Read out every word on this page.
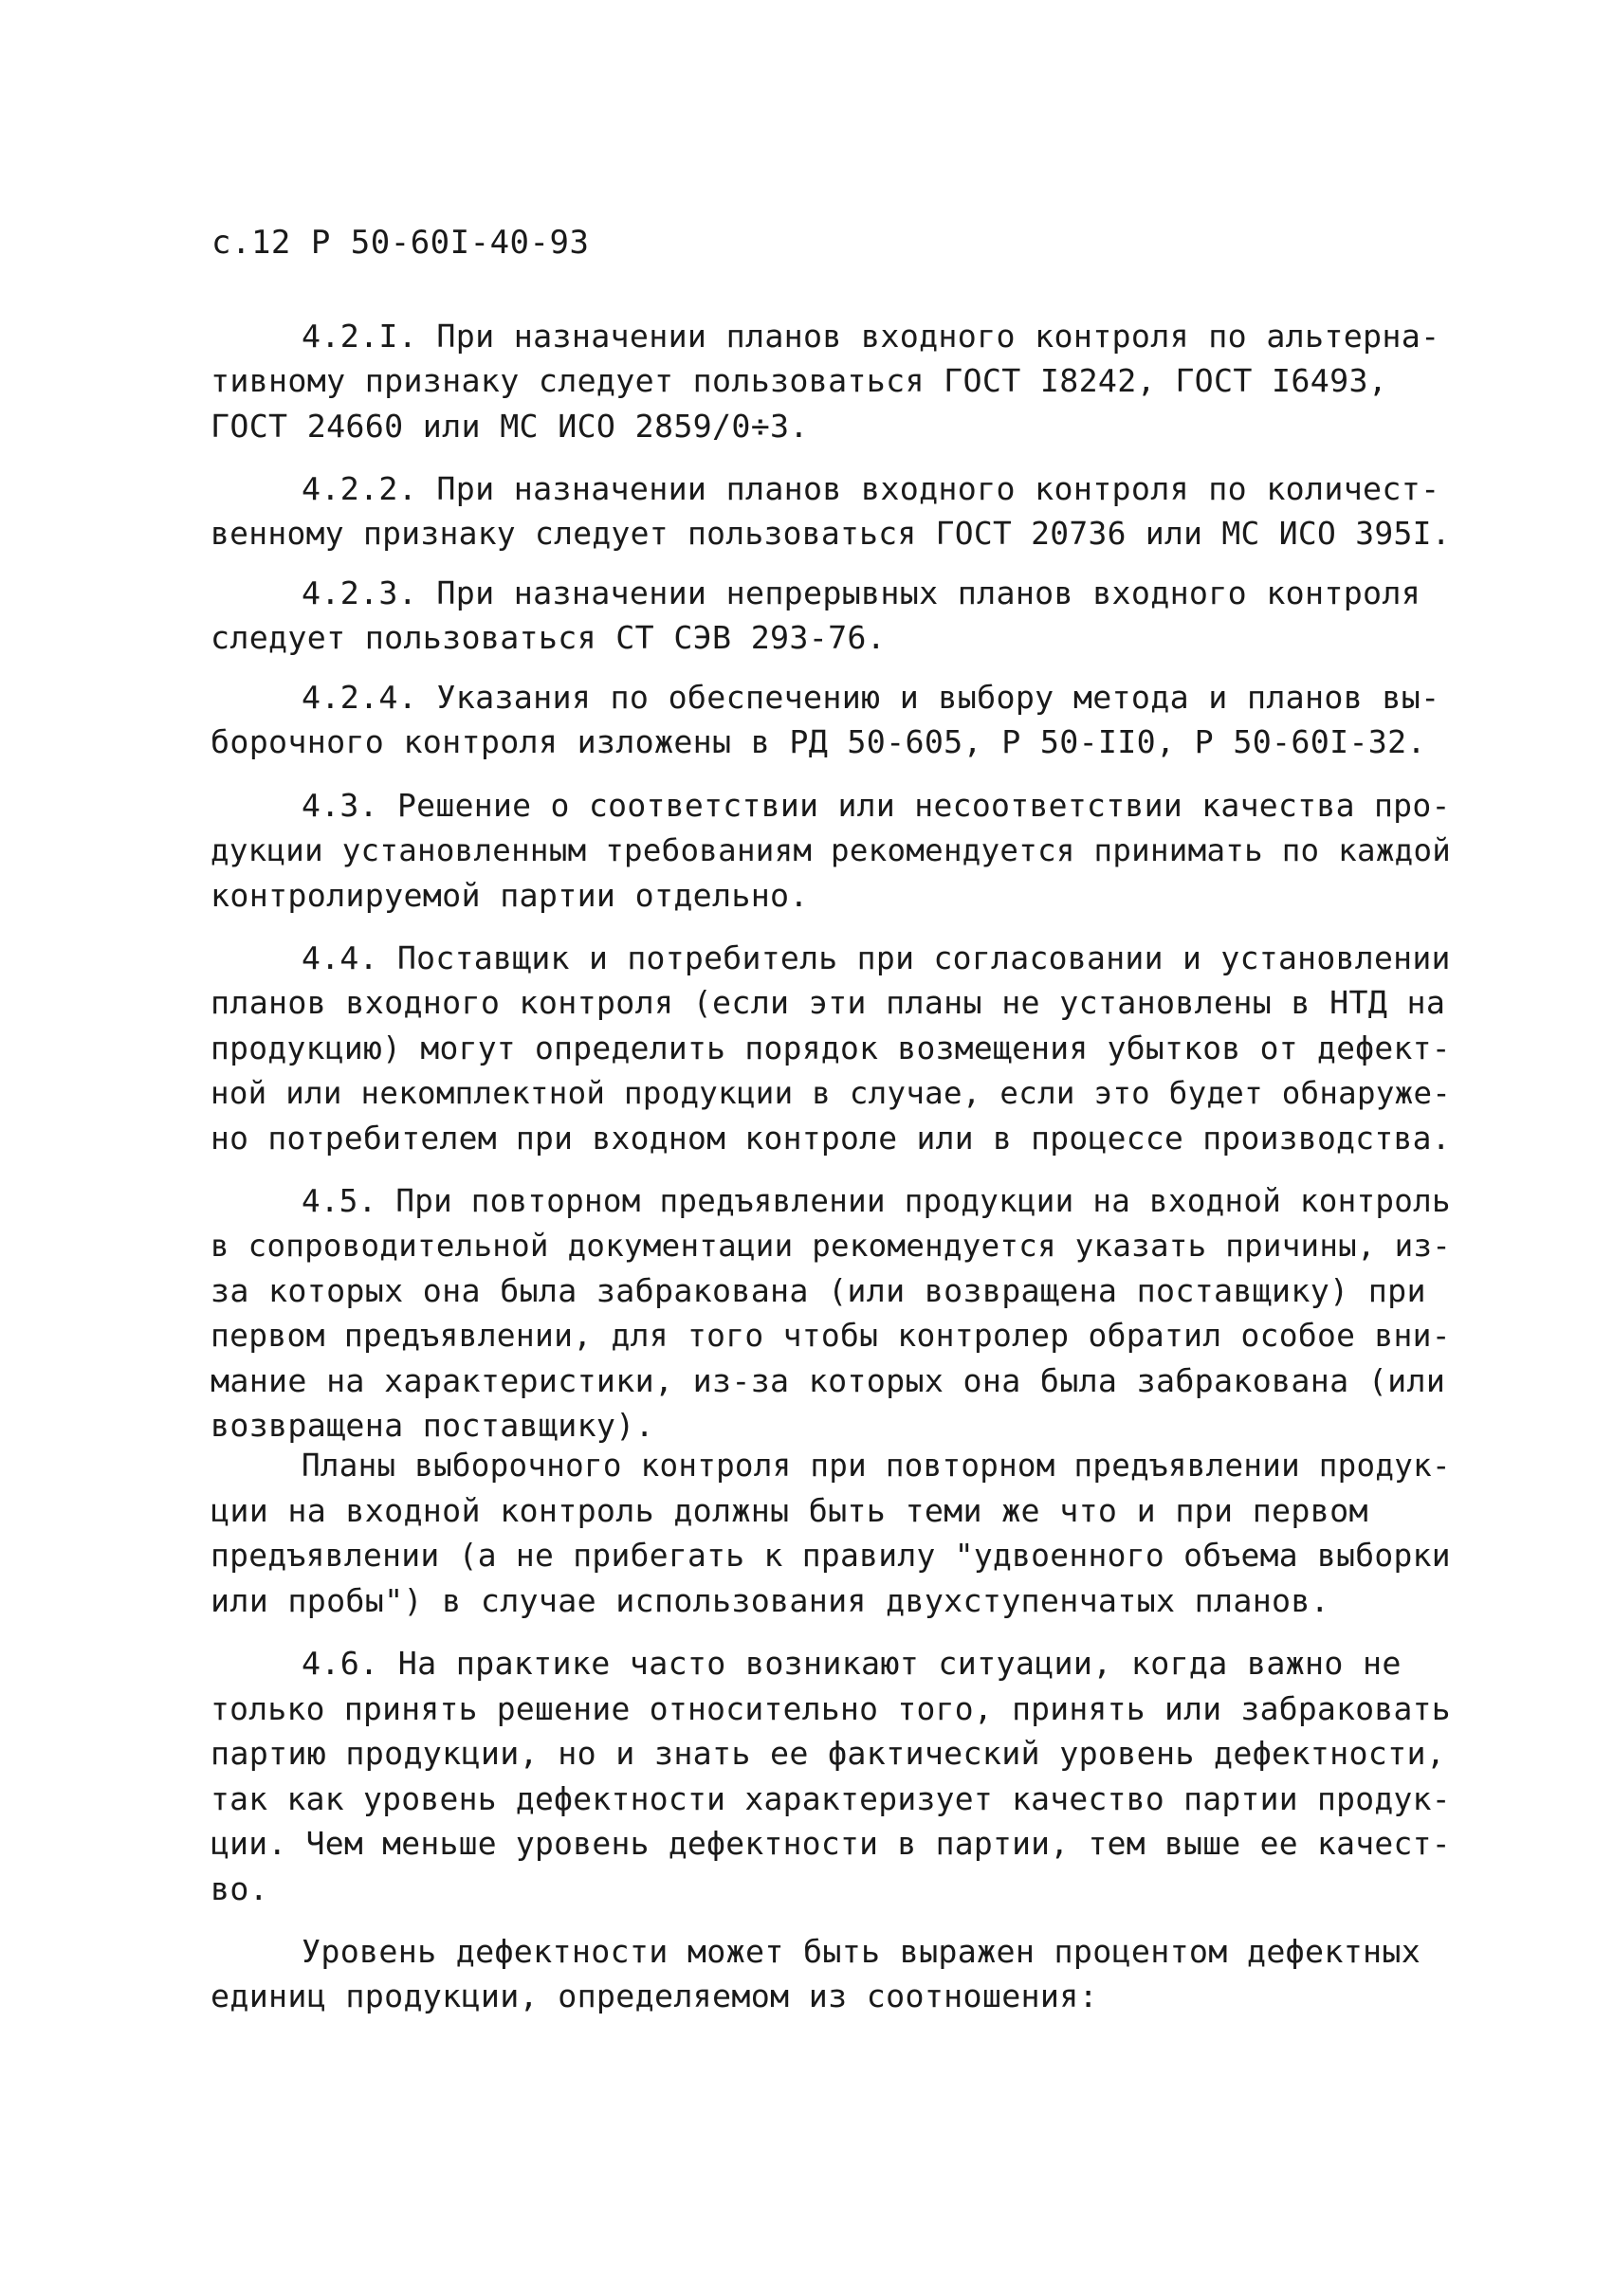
с.12 Р 50-60I-40-93
4.2.I. При назначении планов входного контроля по альтерна-
тивному признаку следует пользоваться ГОСТ I8242, ГОСТ I6493,
ГОСТ 24660 или МС ИСО 2859/0÷3.
4.2.2. При назначении планов входного контроля по количест-
венному признаку следует пользоваться ГОСТ 20736 или МС ИСО 395I.
4.2.3. При назначении непрерывных планов входного контроля
следует пользоваться СТ СЭВ 293-76.
4.2.4. Указания по обеспечению и выбору метода и планов вы-
борочного контроля изложены в РД 50-605, Р 50-II0, Р 50-60I-32.
4.3. Решение о соответствии или несоответствии качества про-
дукции установленным требованиям рекомендуется принимать по каждой
контролируемой партии отдельно.
4.4. Поставщик и потребитель при согласовании и установлении
планов входного контроля (если эти планы не установлены в НТД на
продукцию) могут определить порядок возмещения убытков от дефект-
ной или некомплектной продукции в случае, если это будет обнаруже-
но потребителем при входном контроле или в процессе производства.
4.5. При повторном предъявлении продукции на входной контроль
в сопроводительной документации рекомендуется указать причины, из-
за которых она была забракована (или возвращена поставщику) при
первом предъявлении, для того чтобы контролер обратил особое вни-
мание на характеристики, из-за которых она была забракована (или
возвращена поставщику).
Планы выборочного контроля при повторном предъявлении продук-
ции на входной контроль должны быть теми же что и при первом
предъявлении (а не прибегать к правилу "удвоенного объема выборки
или пробы") в случае использования двухступенчатых планов.
4.6. На практике часто возникают ситуации, когда важно не
только принять решение относительно того, принять или забраковать
партию продукции, но и знать ее фактический уровень дефектности,
так как уровень дефектности характеризует качество партии продук-
ции. Чем меньше уровень дефектности в партии, тем выше ее качест-
во.
Уровень дефектности может быть выражен процентом дефектных
единиц продукции, определяемом из соотношения:
